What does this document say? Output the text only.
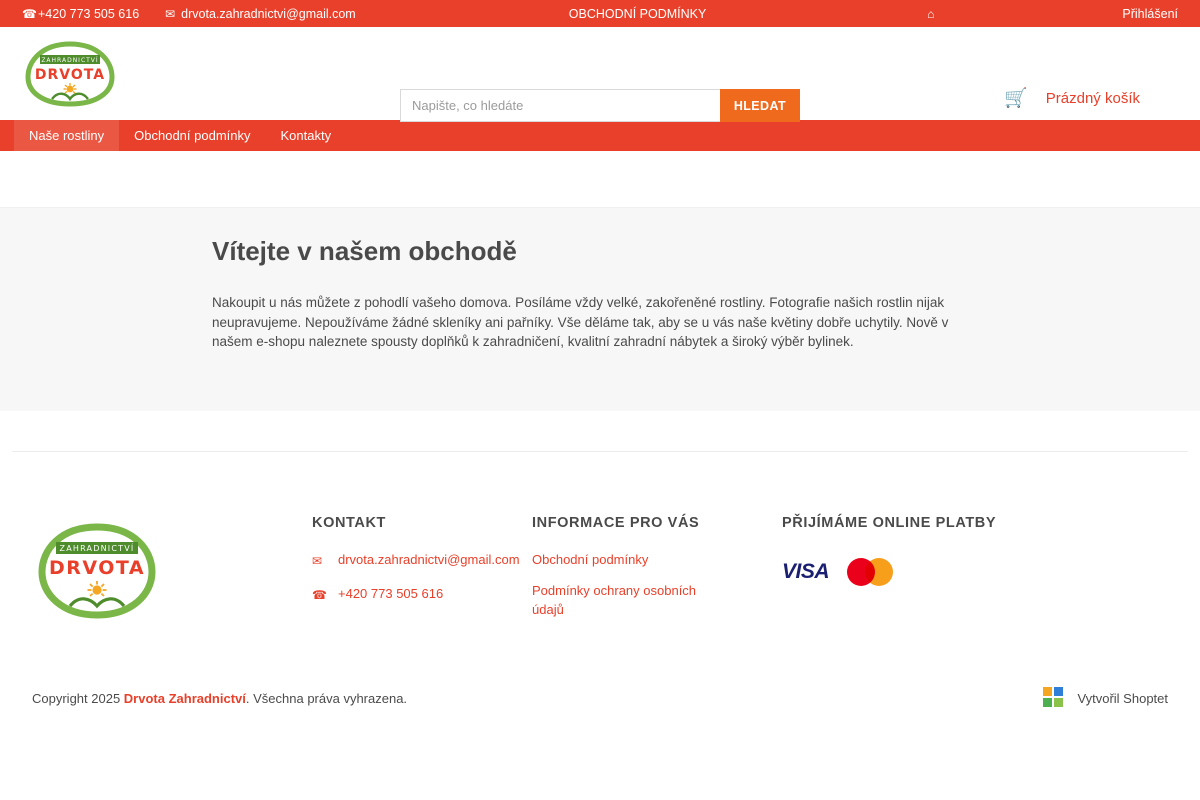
☎ +420 773 505 616 ✉ drvota.zahradnictvi@gmail.com	OBCHODNÍ PODMÍNKY	⌂	Přihlášení
ZAHRADNICTVÍ
DRVOTA
Napište, co hledáte
HLEDAT	🛒 Prázdný košík
Naše rostliny Obchodní podmínky Kontakty
Vítejte v našem obchodě

Nakoupit u nás můžete z pohodlí vašeho domova. Posíláme vždy velké, zakořeněné rostliny. Fotografie našich rostlin nijak neupravujeme. Nepoužíváme žádné skleníky ani pařníky. Vše děláme tak, aby se u vás naše květiny dobře uchytily. Nově v našem e-shopu naleznete spousty doplňků k zahradničení, kvalitní zahradní nábytek a široký výběr bylinek.

ZAHRADNICTVÍ
DRVOTA
KONTAKT
✉ drvota.zahradnictvi@gmail.com
☎ +420 773 505 616
INFORMACE PRO VÁS
Obchodní podmínky
Podmínky ochrany osobních údajů
PŘIJÍMÁME ONLINE PLATBY
VISA
Copyright 2025 Drvota Zahradnictví. Všechna práva vyhrazena.	Vytvořil Shoptet
